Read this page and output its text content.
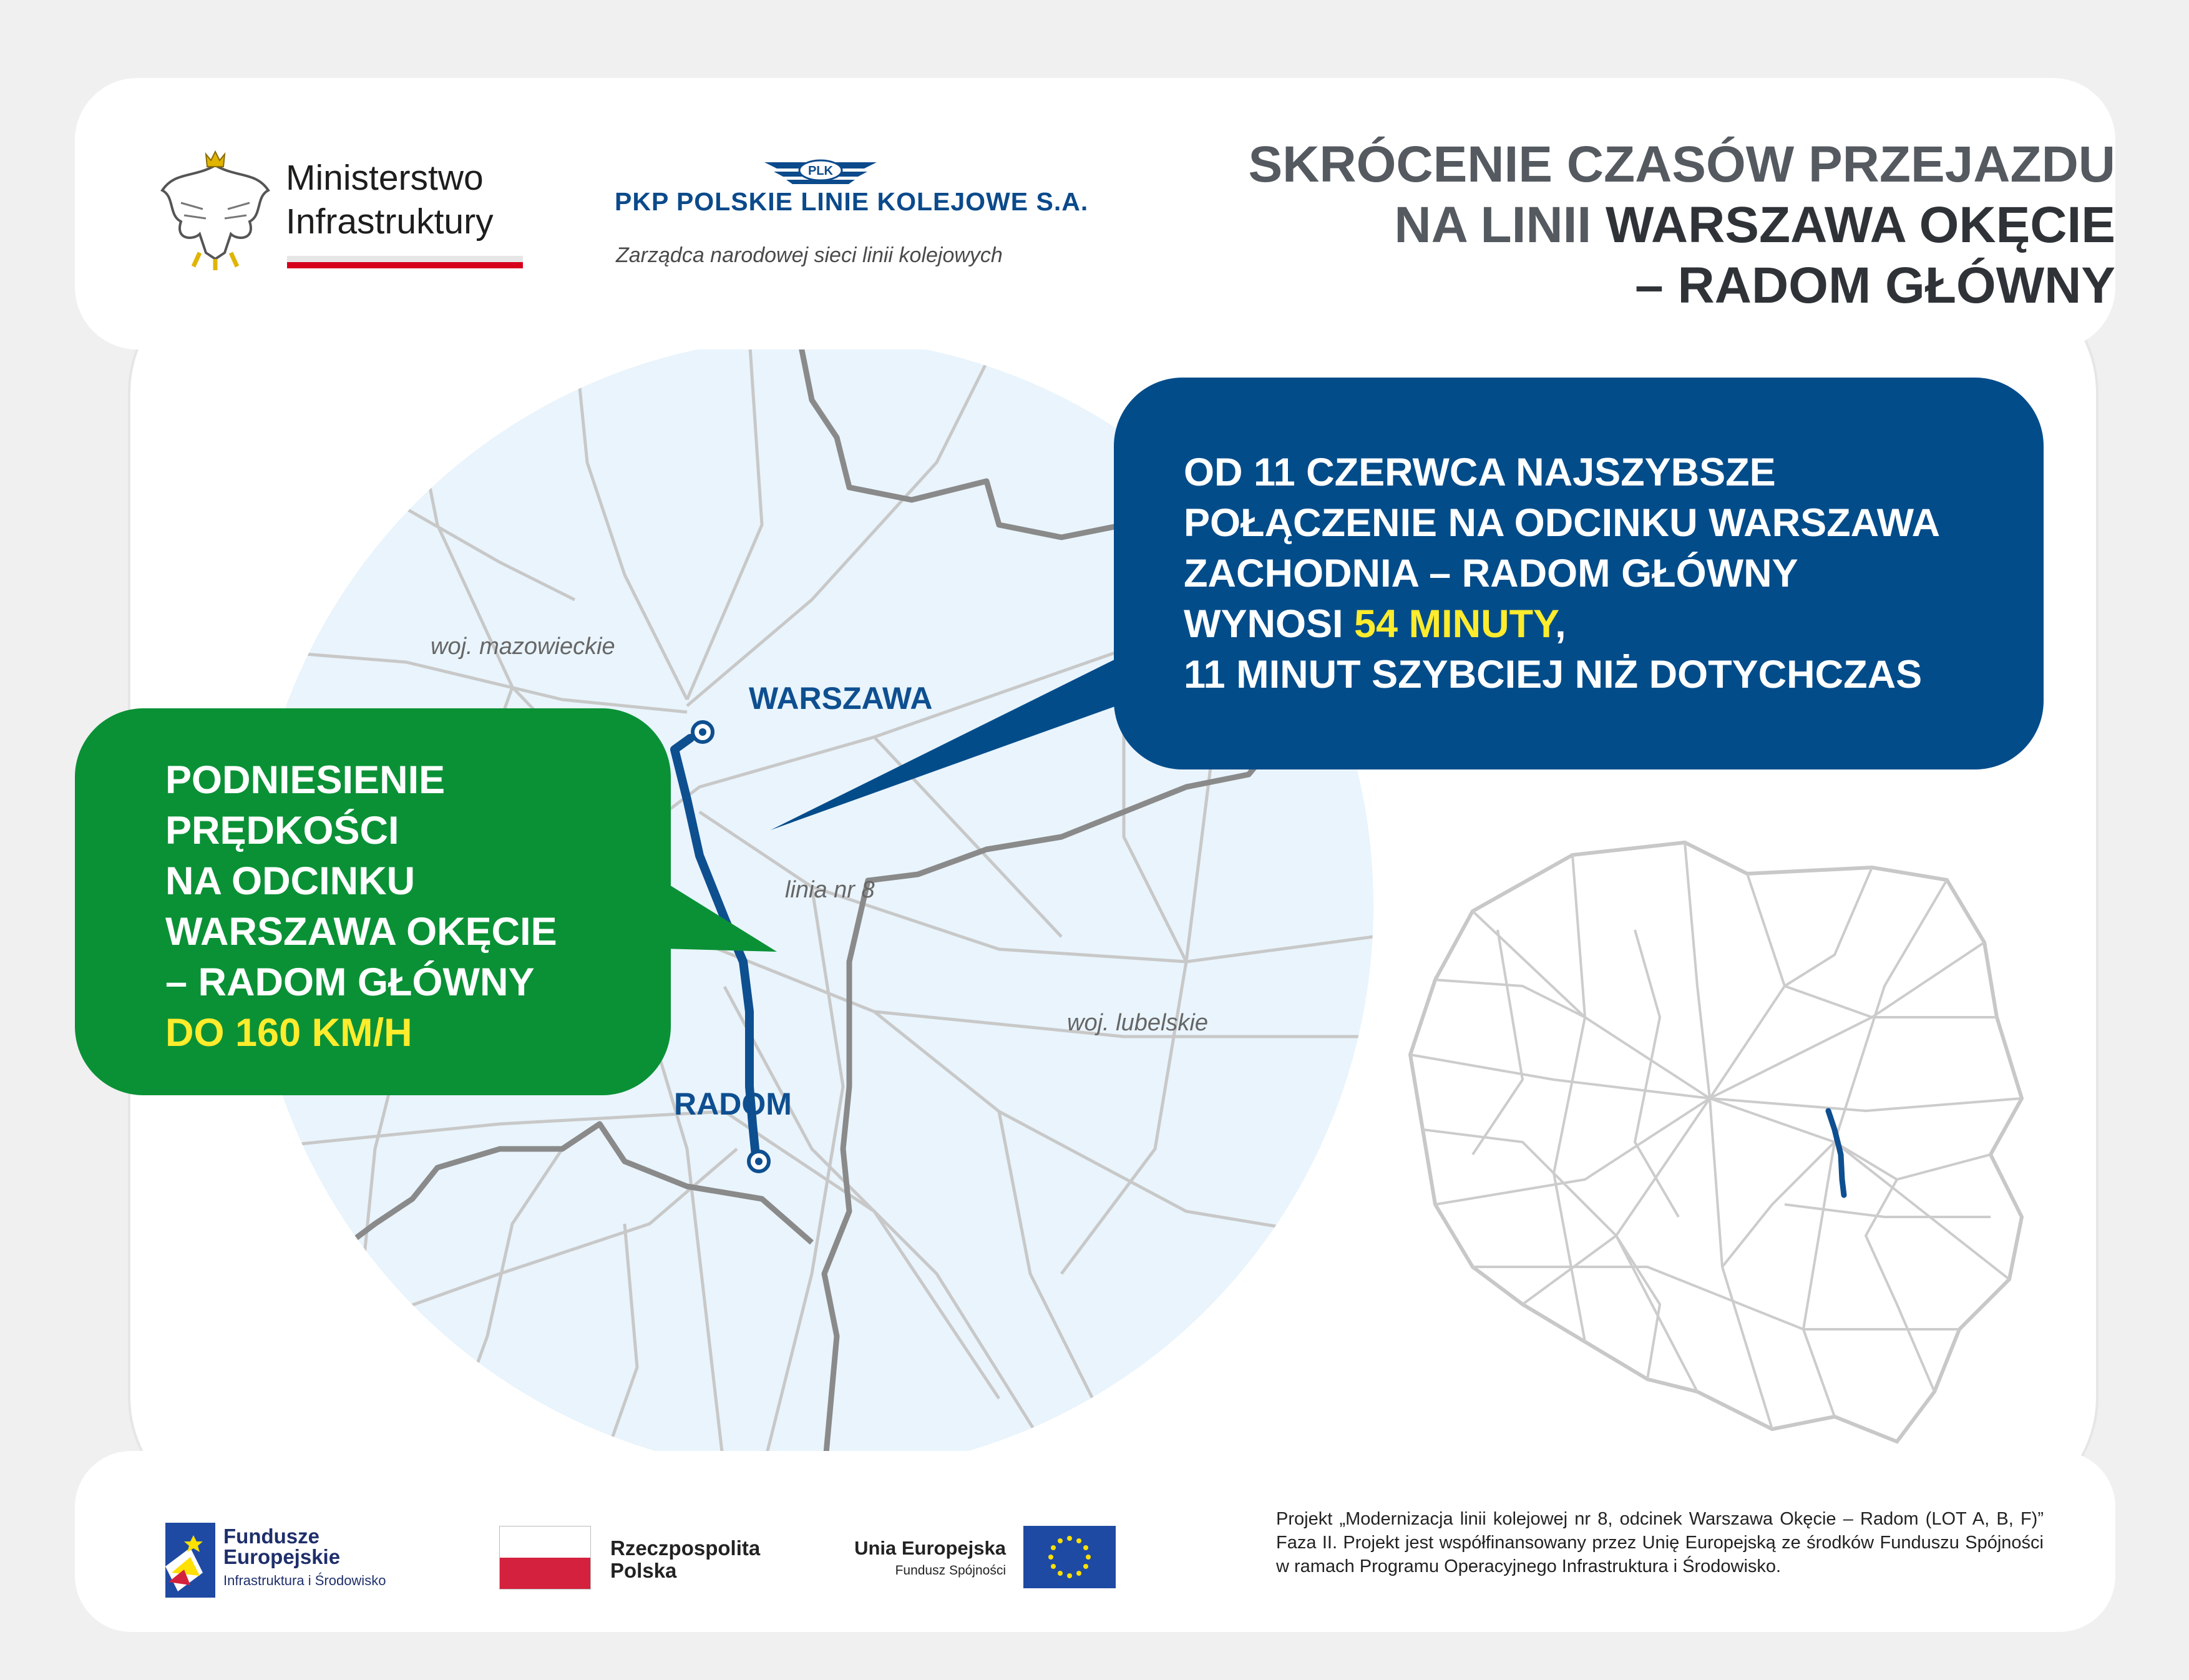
woj. mazowieckie
woj. lubelskie
linia nr 8
WARSZAWA
RADOM
Ministerstwo
Infrastruktury
PLK
PKP POLSKIE LINIE KOLEJOWE S.A.
Zarządca narodowej sieci linii kolejowych
SKRÓCENIE CZASÓW PRZEJAZDU
NA LINII WARSZAWA OKĘCIE
– RADOM GŁÓWNY
OD 11 CZERWCA NAJSZYBSZE
POŁĄCZENIE NA ODCINKU WARSZAWA
ZACHODNIA – RADOM GŁÓWNY
WYNOSI 54 MINUTY,
11 MINUT SZYBCIEJ NIŻ DOTYCHCZAS
PODNIESIENIE
PRĘDKOŚCI
NA ODCINKU
WARSZAWA OKĘCIE
– RADOM GŁÓWNY
DO 160 KM/H
Fundusze
Europejskie
Infrastruktura i Środowisko
Rzeczpospolita
Polska
Unia Europejska
Fundusz Spójności
Projekt „Modernizacja linii kolejowej nr 8, odcinek Warszawa Okęcie – Radom (LOT A, B, F)” Faza II. Projekt jest współfinansowany przez Unię Europejską ze środków Funduszu Spójności w ramach Programu Operacyjnego Infrastruktura i Środowisko.
